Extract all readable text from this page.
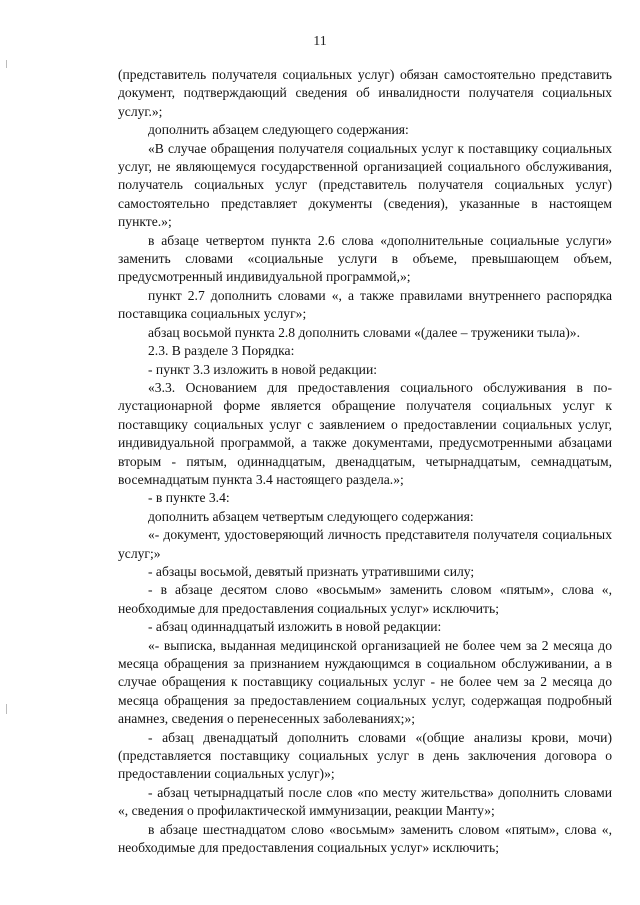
11

(представитель получателя социальных услуг) обязан самостоятельно представить документ, подтверждающий сведения об инвалидности получателя социальных услуг.»;

дополнить абзацем следующего содержания:

«В случае обращения получателя социальных услуг к поставщику социальных услуг, не являющемуся государственной организацией социального обслуживания, получатель социальных услуг (представитель получателя социальных услуг) самостоятельно представляет документы (сведения), указанные в настоящем пункте.»;

в абзаце четвертом пункта 2.6 слова «дополнительные социальные услуги» заменить словами «социальные услуги в объеме, превышающем объем, предусмотренный индивидуальной программой,»;

пункт 2.7 дополнить словами «, а также правилами внутреннего распорядка поставщика социальных услуг»;

абзац восьмой пункта 2.8 дополнить словами «(далее – труженики тыла)».

2.3. В разделе 3 Порядка:

- пункт 3.3 изложить в новой редакции:

«3.3. Основанием для предоставления социального обслуживания в полустационарной форме является обращение получателя социальных услуг к поставщику социальных услуг с заявлением о предоставлении социальных услуг, индивидуальной программой, а также документами, предусмотренными абзацами вторым - пятым, одиннадцатым, двенадцатым, четырнадцатым, семнадцатым, восемнадцатым пункта 3.4 настоящего раздела.»;

- в пункте 3.4:

дополнить абзацем четвертым следующего содержания:

«- документ, удостоверяющий личность представителя получателя социальных услуг;»

- абзацы восьмой, девятый признать утратившими силу;

- в абзаце десятом слово «восьмым» заменить словом «пятым», слова «, необходимые для предоставления социальных услуг» исключить;

- абзац одиннадцатый изложить в новой редакции:

«- выписка, выданная медицинской организацией не более чем за 2 месяца до месяца обращения за признанием нуждающимся в социальном обслуживании, а в случае обращения к поставщику социальных услуг - не более чем за 2 месяца до месяца обращения за предоставлением социальных услуг, содержащая подробный анамнез, сведения о перенесенных заболеваниях;»;

- абзац двенадцатый дополнить словами «(общие анализы крови, мочи) (представляется поставщику социальных услуг в день заключения договора о предоставлении социальных услуг)»;

- абзац четырнадцатый после слов «по месту жительства» дополнить словами «, сведения о профилактической иммунизации, реакции Манту»;

в абзаце шестнадцатом слово «восьмым» заменить словом «пятым», слова «, необходимые для предоставления социальных услуг» исключить;
